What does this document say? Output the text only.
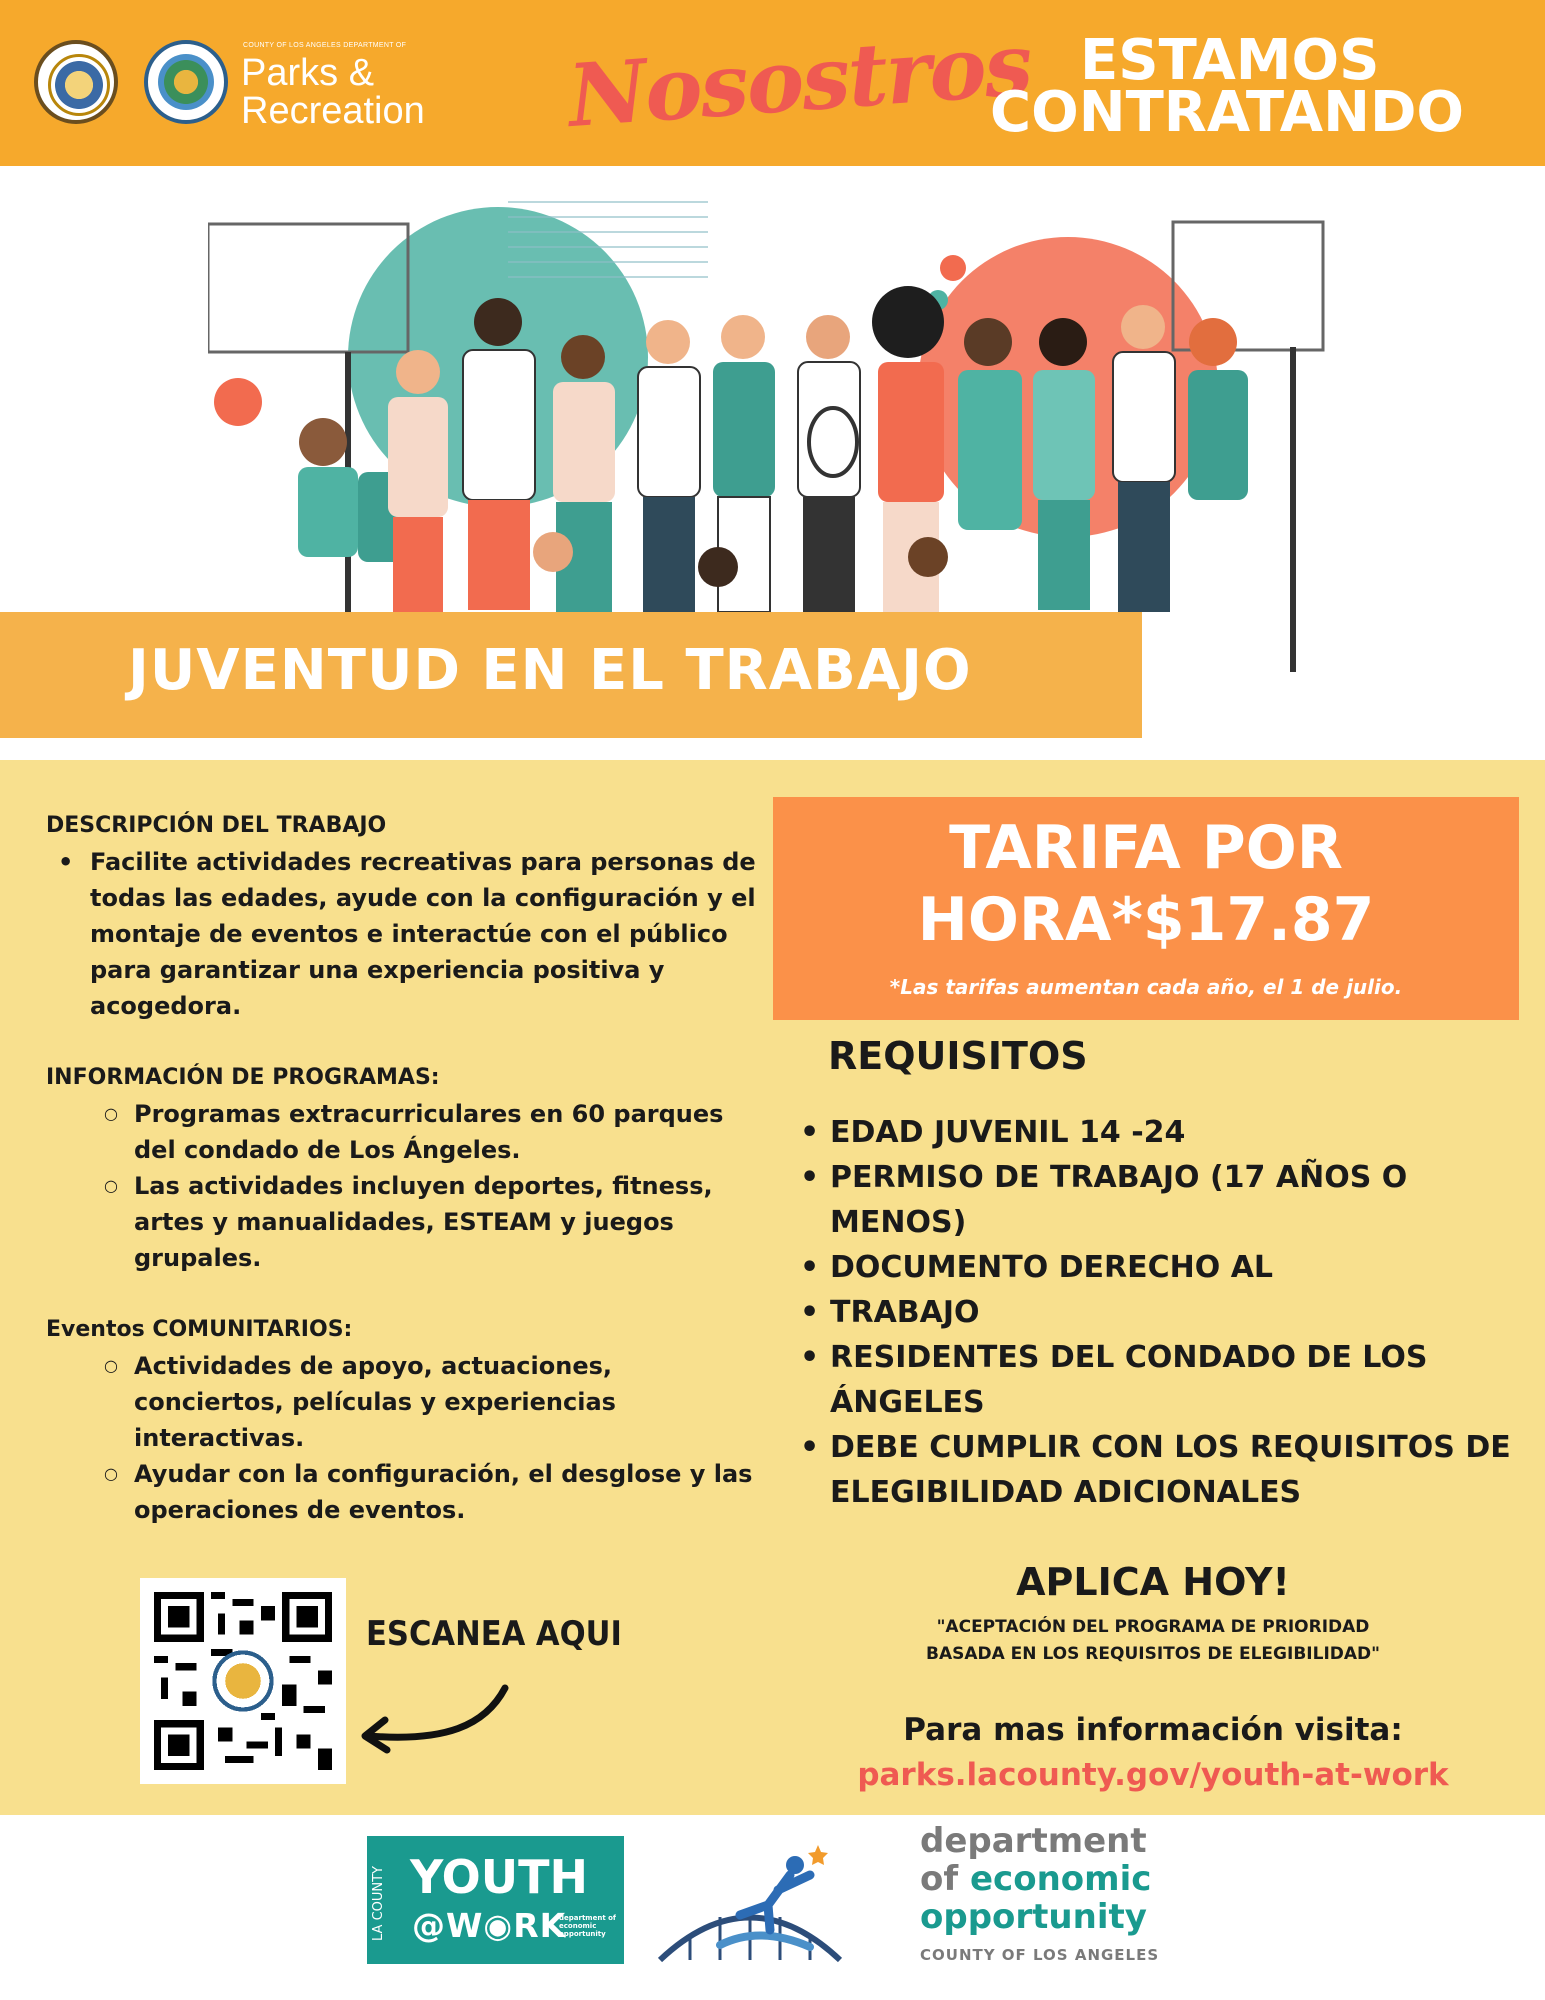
COUNTY OF LOS ANGELES DEPARTMENT OF
Parks &
Recreation Nosostros ESTAMOS
CONTRATANDO
JUVENTUD EN EL TRABAJO
DESCRIPCIÓN DEL TRABAJO
• Facilite actividades recreativas para personas de todas las edades, ayude con la configuración y el montaje de eventos e interactúe con el público para garantizar una experiencia positiva y acogedora.
INFORMACIÓN DE PROGRAMAS:
○ Programas extracurriculares en 60 parques del condado de Los Ángeles.
○ Las actividades incluyen deportes, fitness, artes y manualidades, ESTEAM y juegos grupales.
Eventos COMUNITARIOS:
○ Actividades de apoyo, actuaciones, conciertos, películas y experiencias interactivas.
○ Ayudar con la configuración, el desglose y las operaciones de eventos.
TARIFA POR
HORA*$17.87
*Las tarifas aumentan cada año, el 1 de julio.
REQUISITOS
• EDAD JUVENIL 14 -24
• PERMISO DE TRABAJO (17 AÑOS O MENOS)
• DOCUMENTO DERECHO AL
• TRABAJO
• RESIDENTES DEL CONDADO DE LOS ÁNGELES
• DEBE CUMPLIR CON LOS REQUISITOS DE ELEGIBILIDAD ADICIONALES
APLICA HOY!
"ACEPTACIÓN DEL PROGRAMA DE PRIORIDAD
BASADA EN LOS REQUISITOS DE ELEGIBILIDAD"
Para mas información visita:
parks.lacounty.gov/youth-at-work
ESCANEA AQUI
LA COUNTY YOUTH
@W◉RK
department of economic opportunity
department
of economic
opportunity
COUNTY OF LOS ANGELES
